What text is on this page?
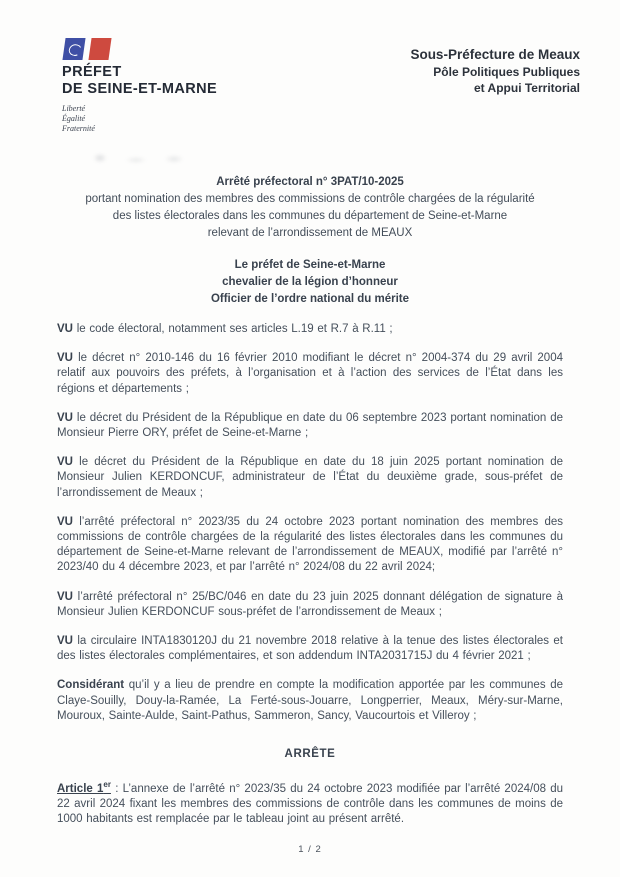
PRÉFET
DE SEINE-ET-MARNE
Liberté
Égalité
Fraternité
Sous-Préfecture de Meaux
Pôle Politiques Publiques
et Appui Territorial
Arrêté préfectoral n° 3PAT/10-2025
portant nomination des membres des commissions de contrôle chargées de la régularité
des listes électorales dans les communes du département de Seine-et-Marne
relevant de l’arrondissement de MEAUX
Le préfet de Seine-et-Marne
chevalier de la légion d’honneur
Officier de l’ordre national du mérite

VU le code électoral, notamment ses articles L.19 et R.7 à R.11 ;

VU le décret n° 2010-146 du 16 février 2010 modifiant le décret n° 2004-374 du 29 avril 2004 relatif aux pouvoirs des préfets, à l’organisation et à l’action des services de l’État dans les régions et départements ;

VU le décret du Président de la République en date du 06 septembre 2023 portant nomination de Monsieur Pierre ORY, préfet de Seine-et-Marne ;

VU le décret du Président de la République en date du 18 juin 2025 portant nomination de Monsieur Julien KERDONCUF, administrateur de l’État du deuxième grade, sous-préfet de l’arrondissement de Meaux ;

VU l’arrêté préfectoral n° 2023/35 du 24 octobre 2023 portant nomination des membres des commissions de contrôle chargées de la régularité des listes électorales dans les communes du département de Seine-et-Marne relevant de l’arrondissement de MEAUX, modifié par l’arrêté n° 2023/40 du 4 décembre 2023, et par l’arrêté n° 2024/08 du 22 avril 2024;

VU l’arrêté préfectoral n° 25/BC/046 en date du 23 juin 2025 donnant délégation de signature à Monsieur Julien KERDONCUF sous-préfet de l’arrondissement de Meaux ;

VU la circulaire INTA1830120J du 21 novembre 2018 relative à la tenue des listes électorales et des listes électorales complémentaires, et son addendum INTA2031715J du 4 février 2021 ;

Considérant qu’il y a lieu de prendre en compte la modification apportée par les communes de Claye-Souilly, Douy-la-Ramée, La Ferté-sous-Jouarre, Longperrier, Meaux, Méry-sur-Marne, Mouroux, Sainte-Aulde, Saint-Pathus, Sammeron, Sancy, Vaucourtois et Villeroy ;

ARRÊTE

Article 1er : L’annexe de l’arrêté n° 2023/35 du 24 octobre 2023 modifiée par l’arrêté 2024/08 du 22 avril 2024 fixant les membres des commissions de contrôle dans les communes de moins de 1000 habitants est remplacée par le tableau joint au présent arrêté.

1 / 2
